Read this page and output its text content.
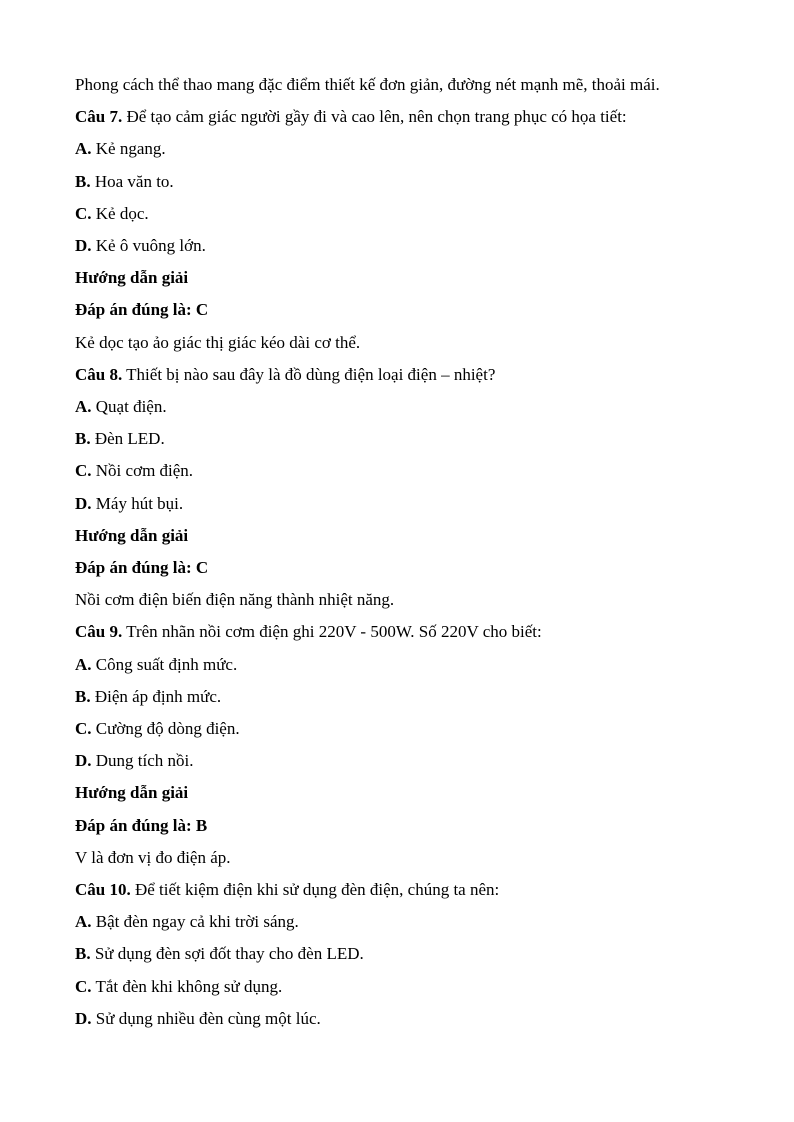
Phong cách thể thao mang đặc điểm thiết kế đơn giản, đường nét mạnh mẽ, thoải mái.

Câu 7. Để tạo cảm giác người gầy đi và cao lên, nên chọn trang phục có họa tiết:

A. Kẻ ngang.

B. Hoa văn to.

C. Kẻ dọc.

D. Kẻ ô vuông lớn.

Hướng dẫn giải

Đáp án đúng là: C

Kẻ dọc tạo ảo giác thị giác kéo dài cơ thể.

Câu 8. Thiết bị nào sau đây là đồ dùng điện loại điện – nhiệt?

A. Quạt điện.

B. Đèn LED.

C. Nồi cơm điện.

D. Máy hút bụi.

Hướng dẫn giải

Đáp án đúng là: C

Nồi cơm điện biến điện năng thành nhiệt năng.

Câu 9. Trên nhãn nồi cơm điện ghi 220V - 500W. Số 220V cho biết:

A. Công suất định mức.

B. Điện áp định mức.

C. Cường độ dòng điện.

D. Dung tích nồi.

Hướng dẫn giải

Đáp án đúng là: B

V là đơn vị đo điện áp.

Câu 10. Để tiết kiệm điện khi sử dụng đèn điện, chúng ta nên:

A. Bật đèn ngay cả khi trời sáng.

B. Sử dụng đèn sợi đốt thay cho đèn LED.

C. Tắt đèn khi không sử dụng.

D. Sử dụng nhiều đèn cùng một lúc.
